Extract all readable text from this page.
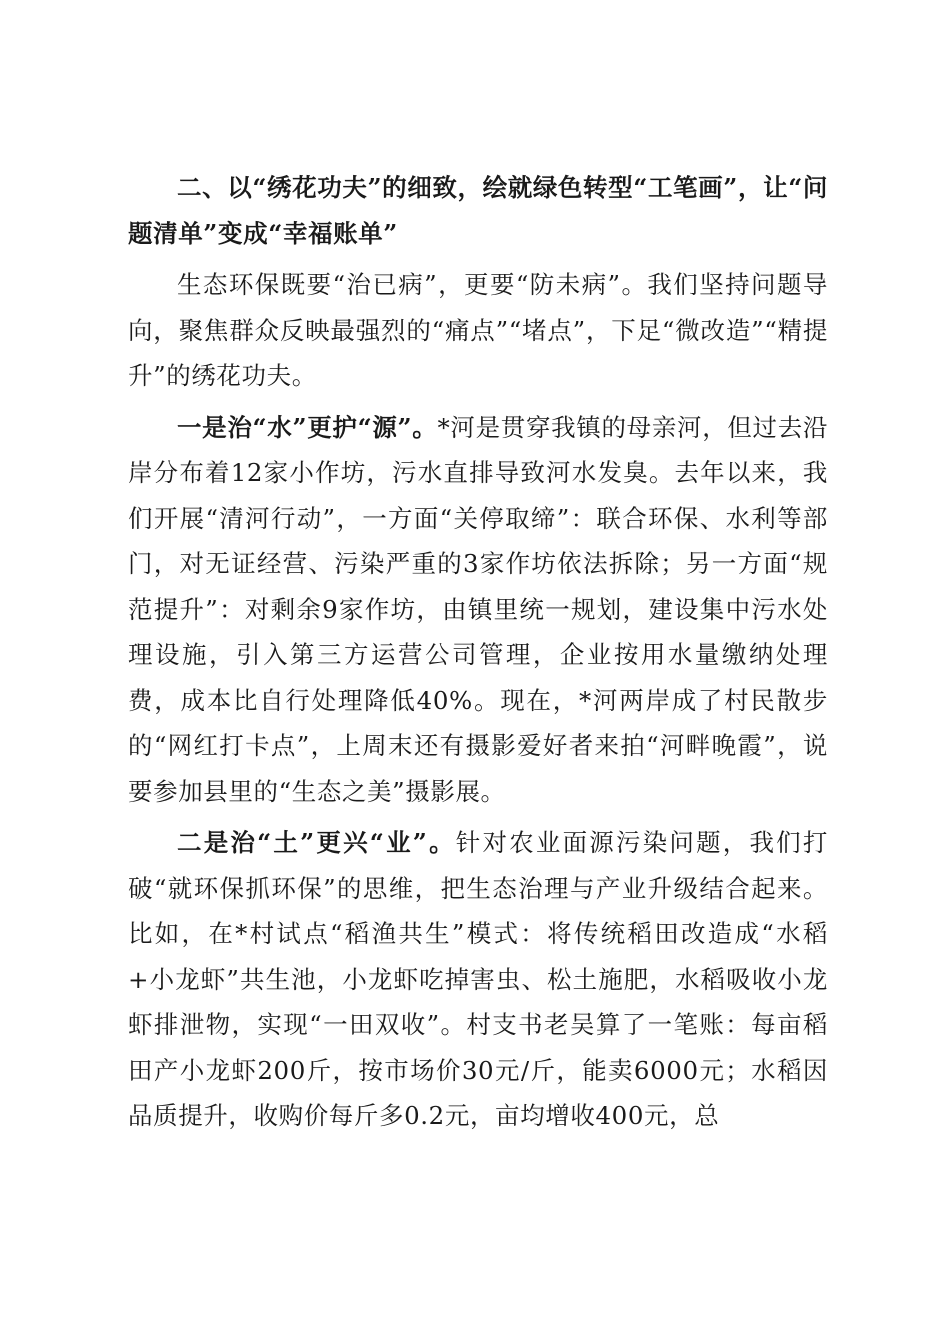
二、以“绣花功夫”的细致，绘就绿色转型“工笔画”，让“问题清单”变成“幸福账单”

生态环保既要“治已病”，更要“防未病”。我们坚持问题导向，聚焦群众反映最强烈的“痛点”“堵点”，下足“微改造”“精提升”的绣花功夫。

一是治“水”更护“源”。*河是贯穿我镇的母亲河，但过去沿岸分布着12家小作坊，污水直排导致河水发臭。去年以来，我们开展“清河行动”，一方面“关停取缔”：联合环保、水利等部门，对无证经营、污染严重的3家作坊依法拆除；另一方面“规范提升”：对剩余9家作坊，由镇里统一规划，建设集中污水处理设施，引入第三方运营公司管理，企业按用水量缴纳处理费，成本比自行处理降低40%。现在，*河两岸成了村民散步的“网红打卡点”，上周末还有摄影爱好者来拍“河畔晚霞”，说要参加县里的“生态之美”摄影展。

二是治“土”更兴“业”。针对农业面源污染问题，我们打破“就环保抓环保”的思维，把生态治理与产业升级结合起来。比如，在*村试点“稻渔共生”模式：将传统稻田改造成“水稻+小龙虾”共生池，小龙虾吃掉害虫、松土施肥，水稻吸收小龙虾排泄物，实现“一田双收”。村支书老吴算了一笔账：每亩稻田产小龙虾200斤，按市场价30元/斤，能卖6000元；水稻因品质提升，收购价每斤多0.2元，亩均增收400元，总
